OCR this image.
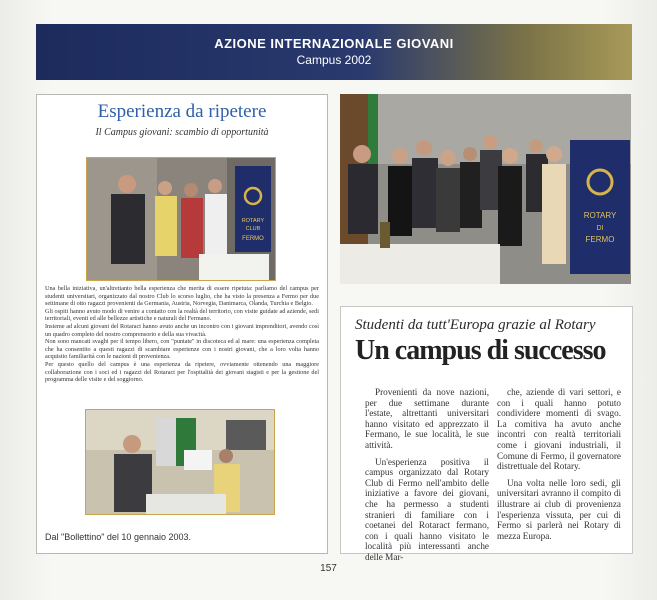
AZIONE INTERNAZIONALE GIOVANI
Campus 2002
Esperienza da ripetere
Il Campus giovani: scambio di opportunità
ROTARY
CLUB
FERMO
Una bella iniziativa, un'altrettanto bella esperienza che merita di essere ripetuta: parliamo del campus per studenti universitari, organizzato dal nostro Club lo scorso luglio, che ha visto la presenza a Fermo per due settimane di otto ragazzi provenienti da Germania, Austria, Norvegia, Danimarca, Olanda, Turchia e Belgio.
Gli ospiti hanno avuto modo di venire a contatto con la realtà del territorio, con visite guidate ad aziende, sedi territoriali, eventi ed alle bellezze artistiche e naturali del Fermano.
Insieme ad alcuni giovani del Rotaract hanno avuto anche un incontro con i giovani imprenditori, avendo così un quadro completo del nostro comprensorio e della sua vivacità.
Non sono mancati svaghi per il tempo libero, con "puntate" in discoteca ed al mare: una esperienza completa che ha consentito a questi ragazzi di scambiare esperienze con i nostri giovani, che a loro volta hanno acquisito familiarità con le nazioni di provenienza.
Per questo quello del campus è una esperienza da ripetere, ovviamente ottenendo una maggiore collaborazione con i soci ed i ragazzi del Rotaract per l'ospitalità dei giovani stagisti e per la gestione del programma delle visite e del soggiorno.
Dal "Bollettino" del 10 gennaio 2003.
ROTARY
DI
FERMO
Studenti da tutt'Europa grazie al Rotary
Un campus di successo

Provenienti da nove nazioni, per due settimane durante l'estate, altrettanti universitari hanno visitato ed apprezzato il Fermano, le sue località, le sue attività.

Un'esperienza positiva il campus organizzato dal Rotary Club di Fermo nell'ambito delle iniziative a favore dei giovani, che ha permesso a studenti stranieri di familiare con i coetanei del Rotaract fermano, con i quali hanno visitato le località più interessanti anche delle Mar-

che, aziende di vari settori, e con i quali hanno potuto condividere momenti di svago. La comitiva ha avuto anche incontri con realtà territoriali come i giovani industriali, il Comune di Fermo, il governatore distrettuale del Rotary.

Una volta nelle loro sedi, gli universitari avranno il compito di illustrare ai club di provenienza l'esperienza vissuta, per cui di Fermo si parlerà nei Rotary di mezza Europa.

157
